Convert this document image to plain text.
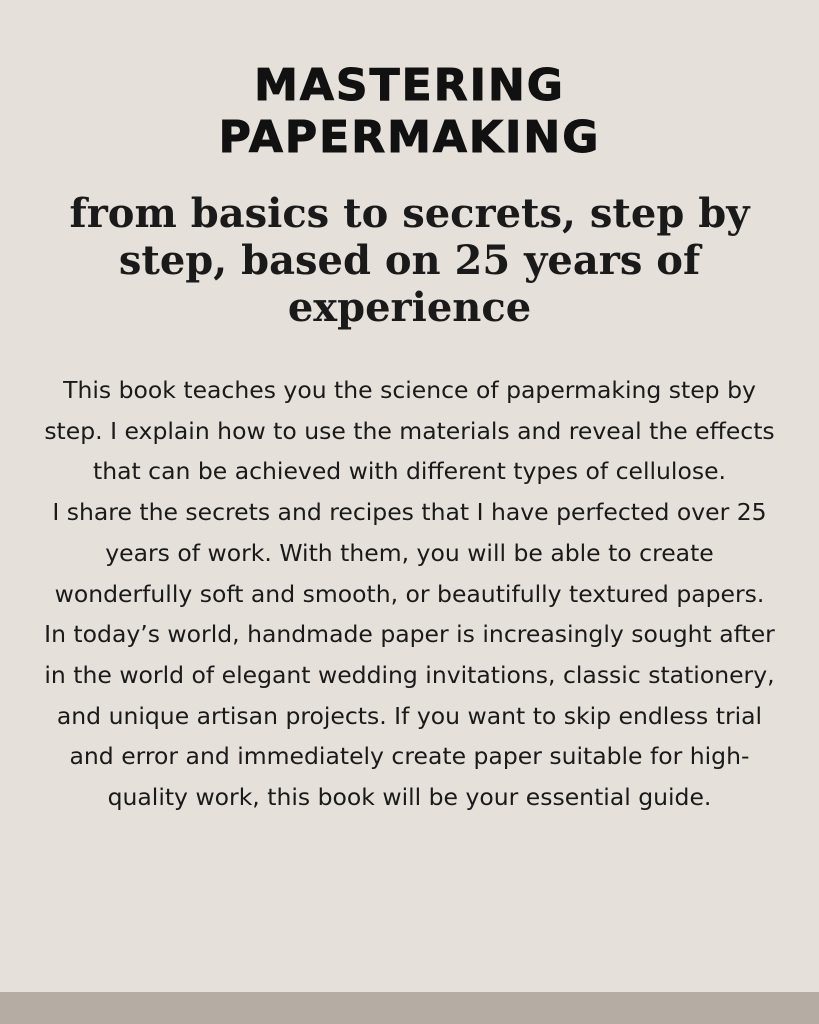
MASTERING
PAPERMAKING
from basics to secrets, step by step, based on 25 years of experience

This book teaches you the science of papermaking step by step. I explain how to use the materials and reveal the effects that can be achieved with different types of cellulose.

I share the secrets and recipes that I have perfected over 25 years of work. With them, you will be able to create wonderfully soft and smooth, or beautifully textured papers.

In today’s world, handmade paper is increasingly sought after in the world of elegant wedding invitations, classic stationery, and unique artisan projects. If you want to skip endless trial and error and immediately create paper suitable for high-quality work, this book will be your essential guide.
